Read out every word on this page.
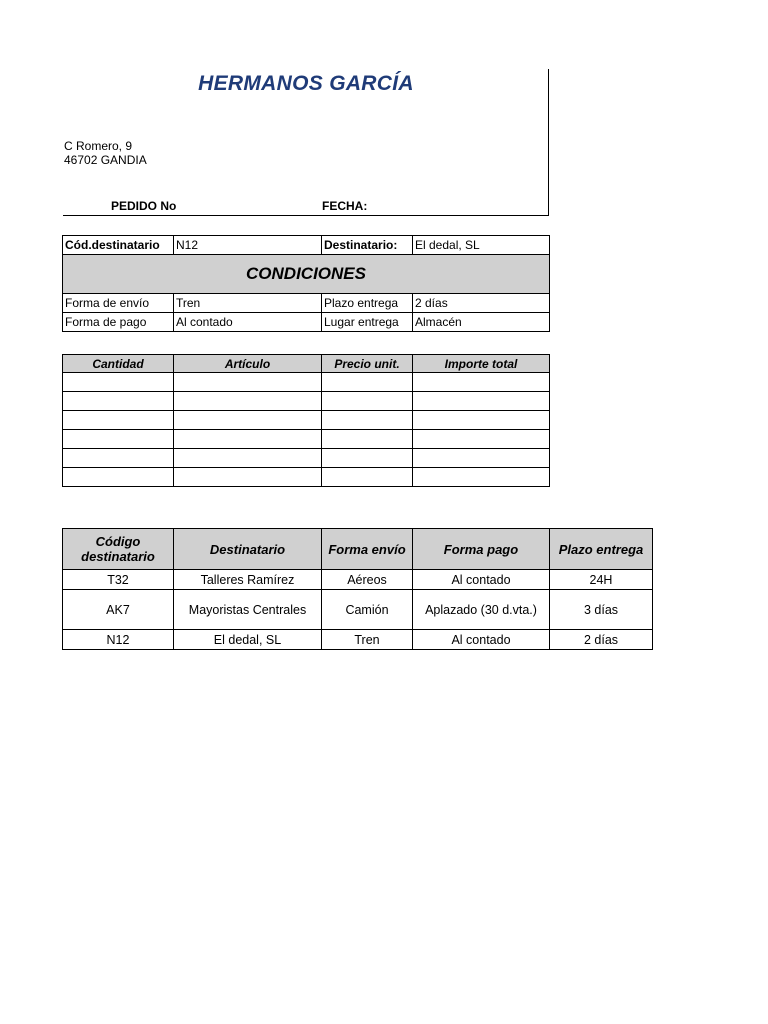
HERMANOS GARCÍA
C Romero, 9
46702 GANDIA
PEDIDO No	FECHA:
Cód.destinatario	N12	Destinatario:	El dedal, SL
CONDICIONES			
Forma de envío	Tren	Plazo entrega	2 días
Forma de pago	Al contado	Lugar entrega	Almacén
Cantidad	Artículo	Precio unit.	Importe total

Código destinatario	Destinatario	Forma envío	Forma pago	Plazo entrega
T32	Talleres Ramírez	Aéreos	Al contado	24H
AK7	Mayoristas Centrales	Camión	Aplazado (30 d.vta.)	3 días
N12	El dedal, SL	Tren	Al contado	2 días
